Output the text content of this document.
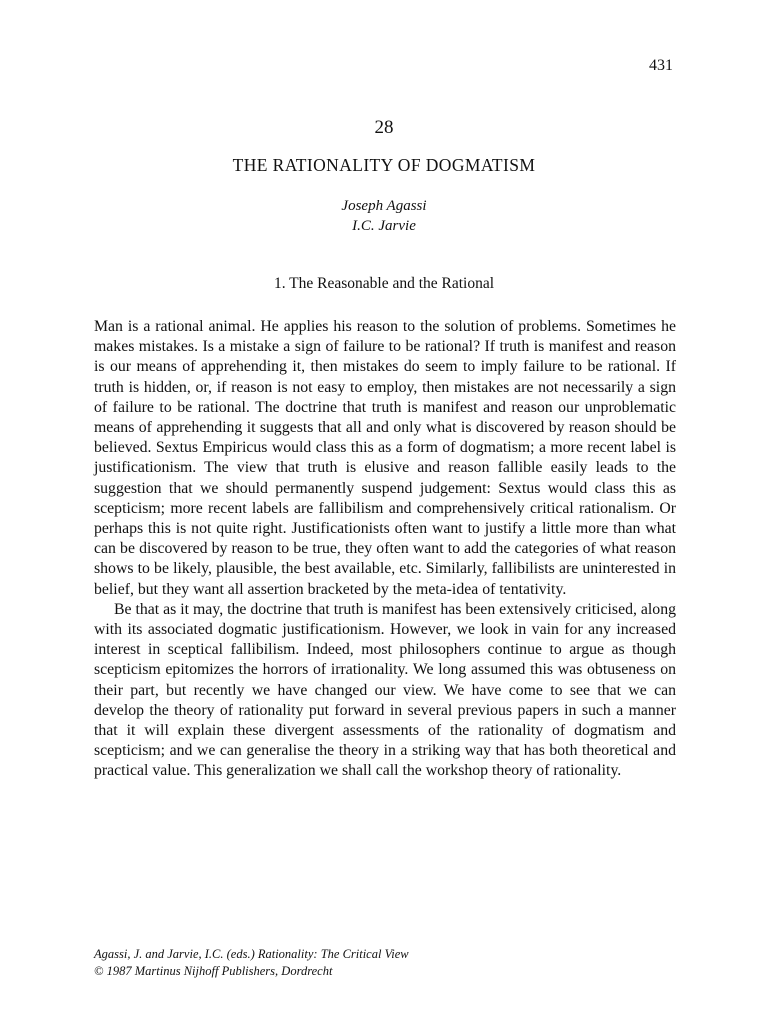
431
28
THE RATIONALITY OF DOGMATISM
Joseph Agassi
I.C. Jarvie
1. The Reasonable and the Rational

Man is a rational animal. He applies his reason to the solution of problems. Sometimes he makes mistakes. Is a mistake a sign of failure to be rational? If truth is manifest and reason is our means of apprehending it, then mistakes do seem to imply failure to be rational. If truth is hidden, or, if reason is not easy to employ, then mistakes are not necessarily a sign of failure to be rational. The doctrine that truth is manifest and reason our unproblematic means of apprehending it suggests that all and only what is discovered by reason should be believed. Sextus Empiricus would class this as a form of dogmatism; a more recent label is justificationism. The view that truth is elusive and reason fallible easily leads to the suggestion that we should permanently suspend judgement: Sextus would class this as scepticism; more recent labels are fallibilism and comprehensively critical rationalism. Or perhaps this is not quite right. Justificationists often want to justify a little more than what can be discovered by reason to be true, they often want to add the categories of what reason shows to be likely, plausible, the best available, etc. Similarly, fallibilists are uninterested in belief, but they want all assertion bracketed by the meta-idea of tentativity.

Be that as it may, the doctrine that truth is manifest has been extensively criticised, along with its associated dogmatic justificationism. However, we look in vain for any increased interest in sceptical fallibilism. Indeed, most philosophers continue to argue as though scepticism epitomizes the horrors of irrationality. We long assumed this was obtuseness on their part, but recently we have changed our view. We have come to see that we can develop the theory of rationality put forward in several previous papers in such a manner that it will explain these divergent assessments of the rationality of dogmatism and scepticism; and we can generalise the theory in a striking way that has both theoretical and practical value. This generalization we shall call the workshop theory of rationality.

Agassi, J. and Jarvie, I.C. (eds.) Rationality: The Critical View
© 1987 Martinus Nijhoff Publishers, Dordrecht
